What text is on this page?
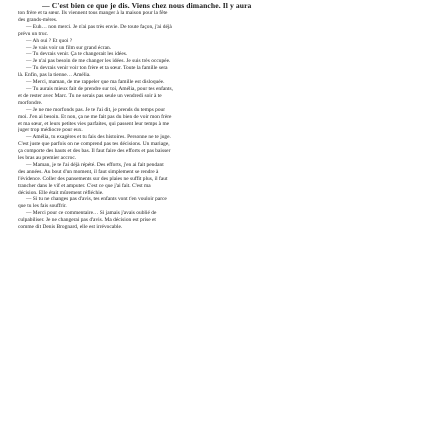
— C'est bien ce que je dis. Viens chez nous dimanche. Il y aura
ton frère et ta sœur. Ils viennent tous manger à la maison pour la fête
des grands-mères.
— Euh… non merci. Je n'ai pas très envie. De toute façon, j'ai déjà
prévu un truc.
— Ah oui ? Et quoi ?
— Je vais voir un film sur grand écran.
— Tu devrais venir. Ça te changerait les idées.
— Je n'ai pas besoin de me changer les idées. Je suis très occupée.
— Tu devrais venir voir ton frère et ta sœur. Toute la famille sera
là. Enfin, pas la tienne… Amélia.
— Merci, maman, de me rappeler que ma famille est disloquée.
— Tu aurais mieux fait de prendre sur toi, Amélia, pour tes enfants,
et de rester avec Marc. Tu ne serais pas seule un vendredi soir à te
morfondre.
— Je ne me morfonds pas. Je te l'ai dit, je prends du temps pour
moi. J'en ai besoin. Et non, ça ne me fait pas du bien de voir mon frère
et ma sœur, et leurs petites vies parfaites, qui passent leur temps à me
juger trop médiocre pour eux.
— Amélia, tu exagères et tu fais des histoires. Personne ne te juge.
C'est juste que parfois on ne comprend pas tes décisions. Un mariage,
ça comporte des hauts et des bas. Il faut faire des efforts et pas baisser
les bras au premier accroc.
— Maman, je te l'ai déjà répété. Des efforts, j'en ai fait pendant
des années. Au bout d'un moment, il faut simplement se rendre à
l'évidence. Coller des pansements sur des plaies ne suffit plus, il faut
trancher dans le vif et amputer. C'est ce que j'ai fait. C'est ma
décision. Elle était mûrement réfléchie.
— Si tu ne changes pas d'avis, tes enfants vont t'en vouloir parce
que tu les fais souffrir.
— Merci pour ce commentaire… Si jamais j'avais oublié de
culpabiliser. Je ne changerai pas d'avis. Ma décision est prise et
comme dit Denis Brognard, elle est irrévocable.
